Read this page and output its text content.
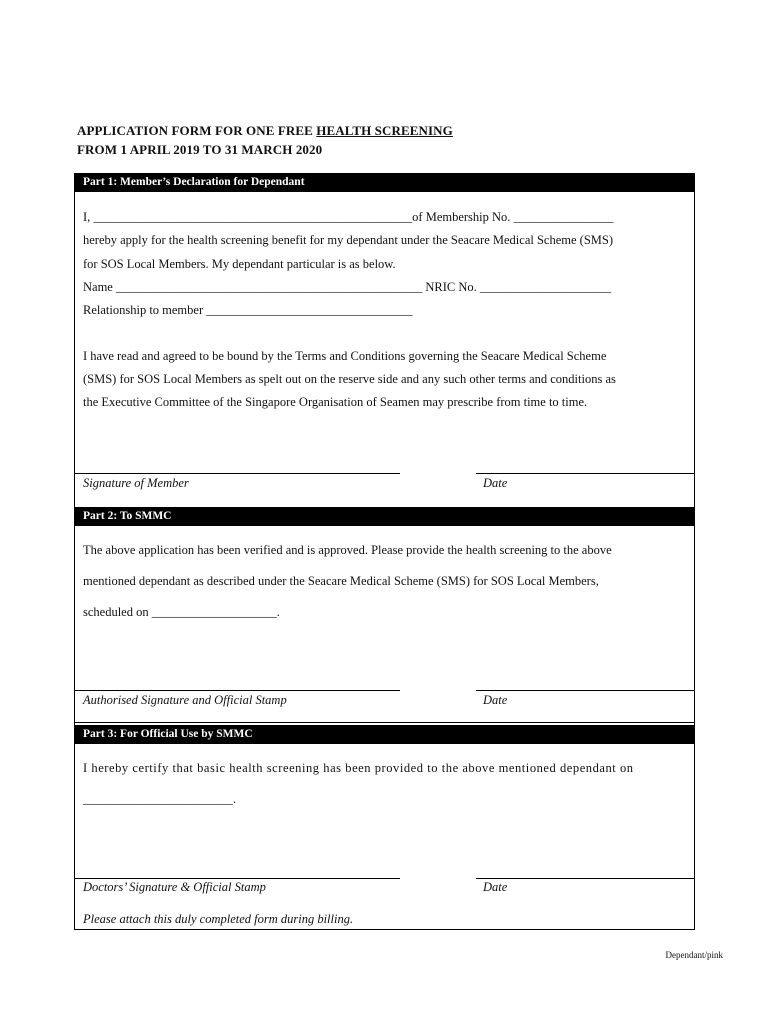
APPLICATION FORM FOR ONE FREE HEALTH SCREENING
FROM 1 APRIL 2019 TO 31 MARCH 2020
Part 1: Member’s Declaration for Dependant
I, ___________________________________________________of Membership No. ________________
hereby apply for the health screening benefit for my dependant under the Seacare Medical Scheme (SMS)
for SOS Local Members. My dependant particular is as below.
Name _________________________________________________ NRIC No. _____________________
Relationship to member _________________________________
I have read and agreed to be bound by the Terms and Conditions governing the Seacare Medical Scheme
(SMS) for SOS Local Members as spelt out on the reserve side and any such other terms and conditions as
the Executive Committee of the Singapore Organisation of Seamen may prescribe from time to time.
Signature of Member	Date
Part 2: To SMMC
The above application has been verified and is approved. Please provide the health screening to the above
mentioned dependant as described under the Seacare Medical Scheme (SMS) for SOS Local Members,
scheduled on ____________________.
Authorised Signature and Official Stamp	Date
Part 3: For Official Use by SMMC
I hereby certify that basic health screening has been provided to the above mentioned dependant on
________________________.
Doctors’ Signature & Official Stamp	Date
Please attach this duly completed form during billing.
Dependant/pink
